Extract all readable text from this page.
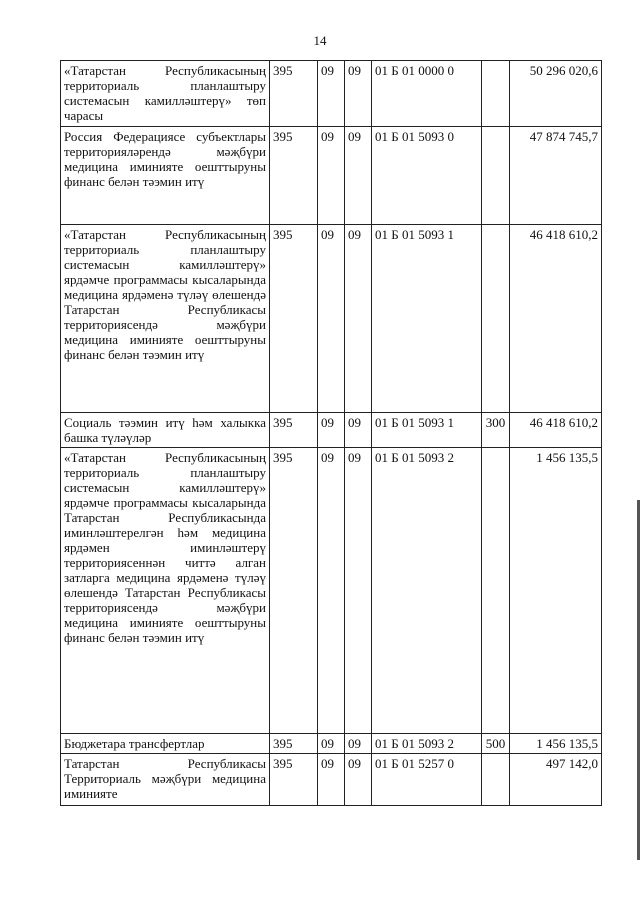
14
«Татарстан Республикасының территориаль планлаштыру системасын камилләштерү» төп чарасы	395	09	09	01 Б 01 0000 0		50 296 020,6
Россия Федерациясе субъектлары территорияләрендә мәҗбүри медицина иминияте оешттыруны финанс белән тәэмин итү	395	09	09	01 Б 01 5093 0		47 874 745,7
«Татарстан Республикасының территориаль планлаштыру системасын камилләштерү» ярдәмче программасы кысаларында медицина ярдәменә түләү өлешендә Татарстан Республикасы территориясендә мәҗбүри медицина иминияте оешттыруны финанс белән тәэмин итү	395	09	09	01 Б 01 5093 1		46 418 610,2
Социаль тәэмин итү һәм халыкка башка түләүләр	395	09	09	01 Б 01 5093 1	300	46 418 610,2
«Татарстан Республикасының территориаль планлаштыру системасын камилләштерү» ярдәмче программасы кысаларында Татарстан Республикасында иминләштерелгән һәм медицина ярдәмен иминләштерү территориясеннән читтә алган затларга медицина ярдәменә түләү өлешендә Татарстан Республикасы территориясендә мәҗбүри медицина иминияте оешттыруны финанс белән тәэмин итү	395	09	09	01 Б 01 5093 2		1 456 135,5
Бюджетара трансфертлар	395	09	09	01 Б 01 5093 2	500	1 456 135,5
Татарстан Республикасы Территориаль мәҗбүри медицина иминияте	395	09	09	01 Б 01 5257 0		497 142,0
